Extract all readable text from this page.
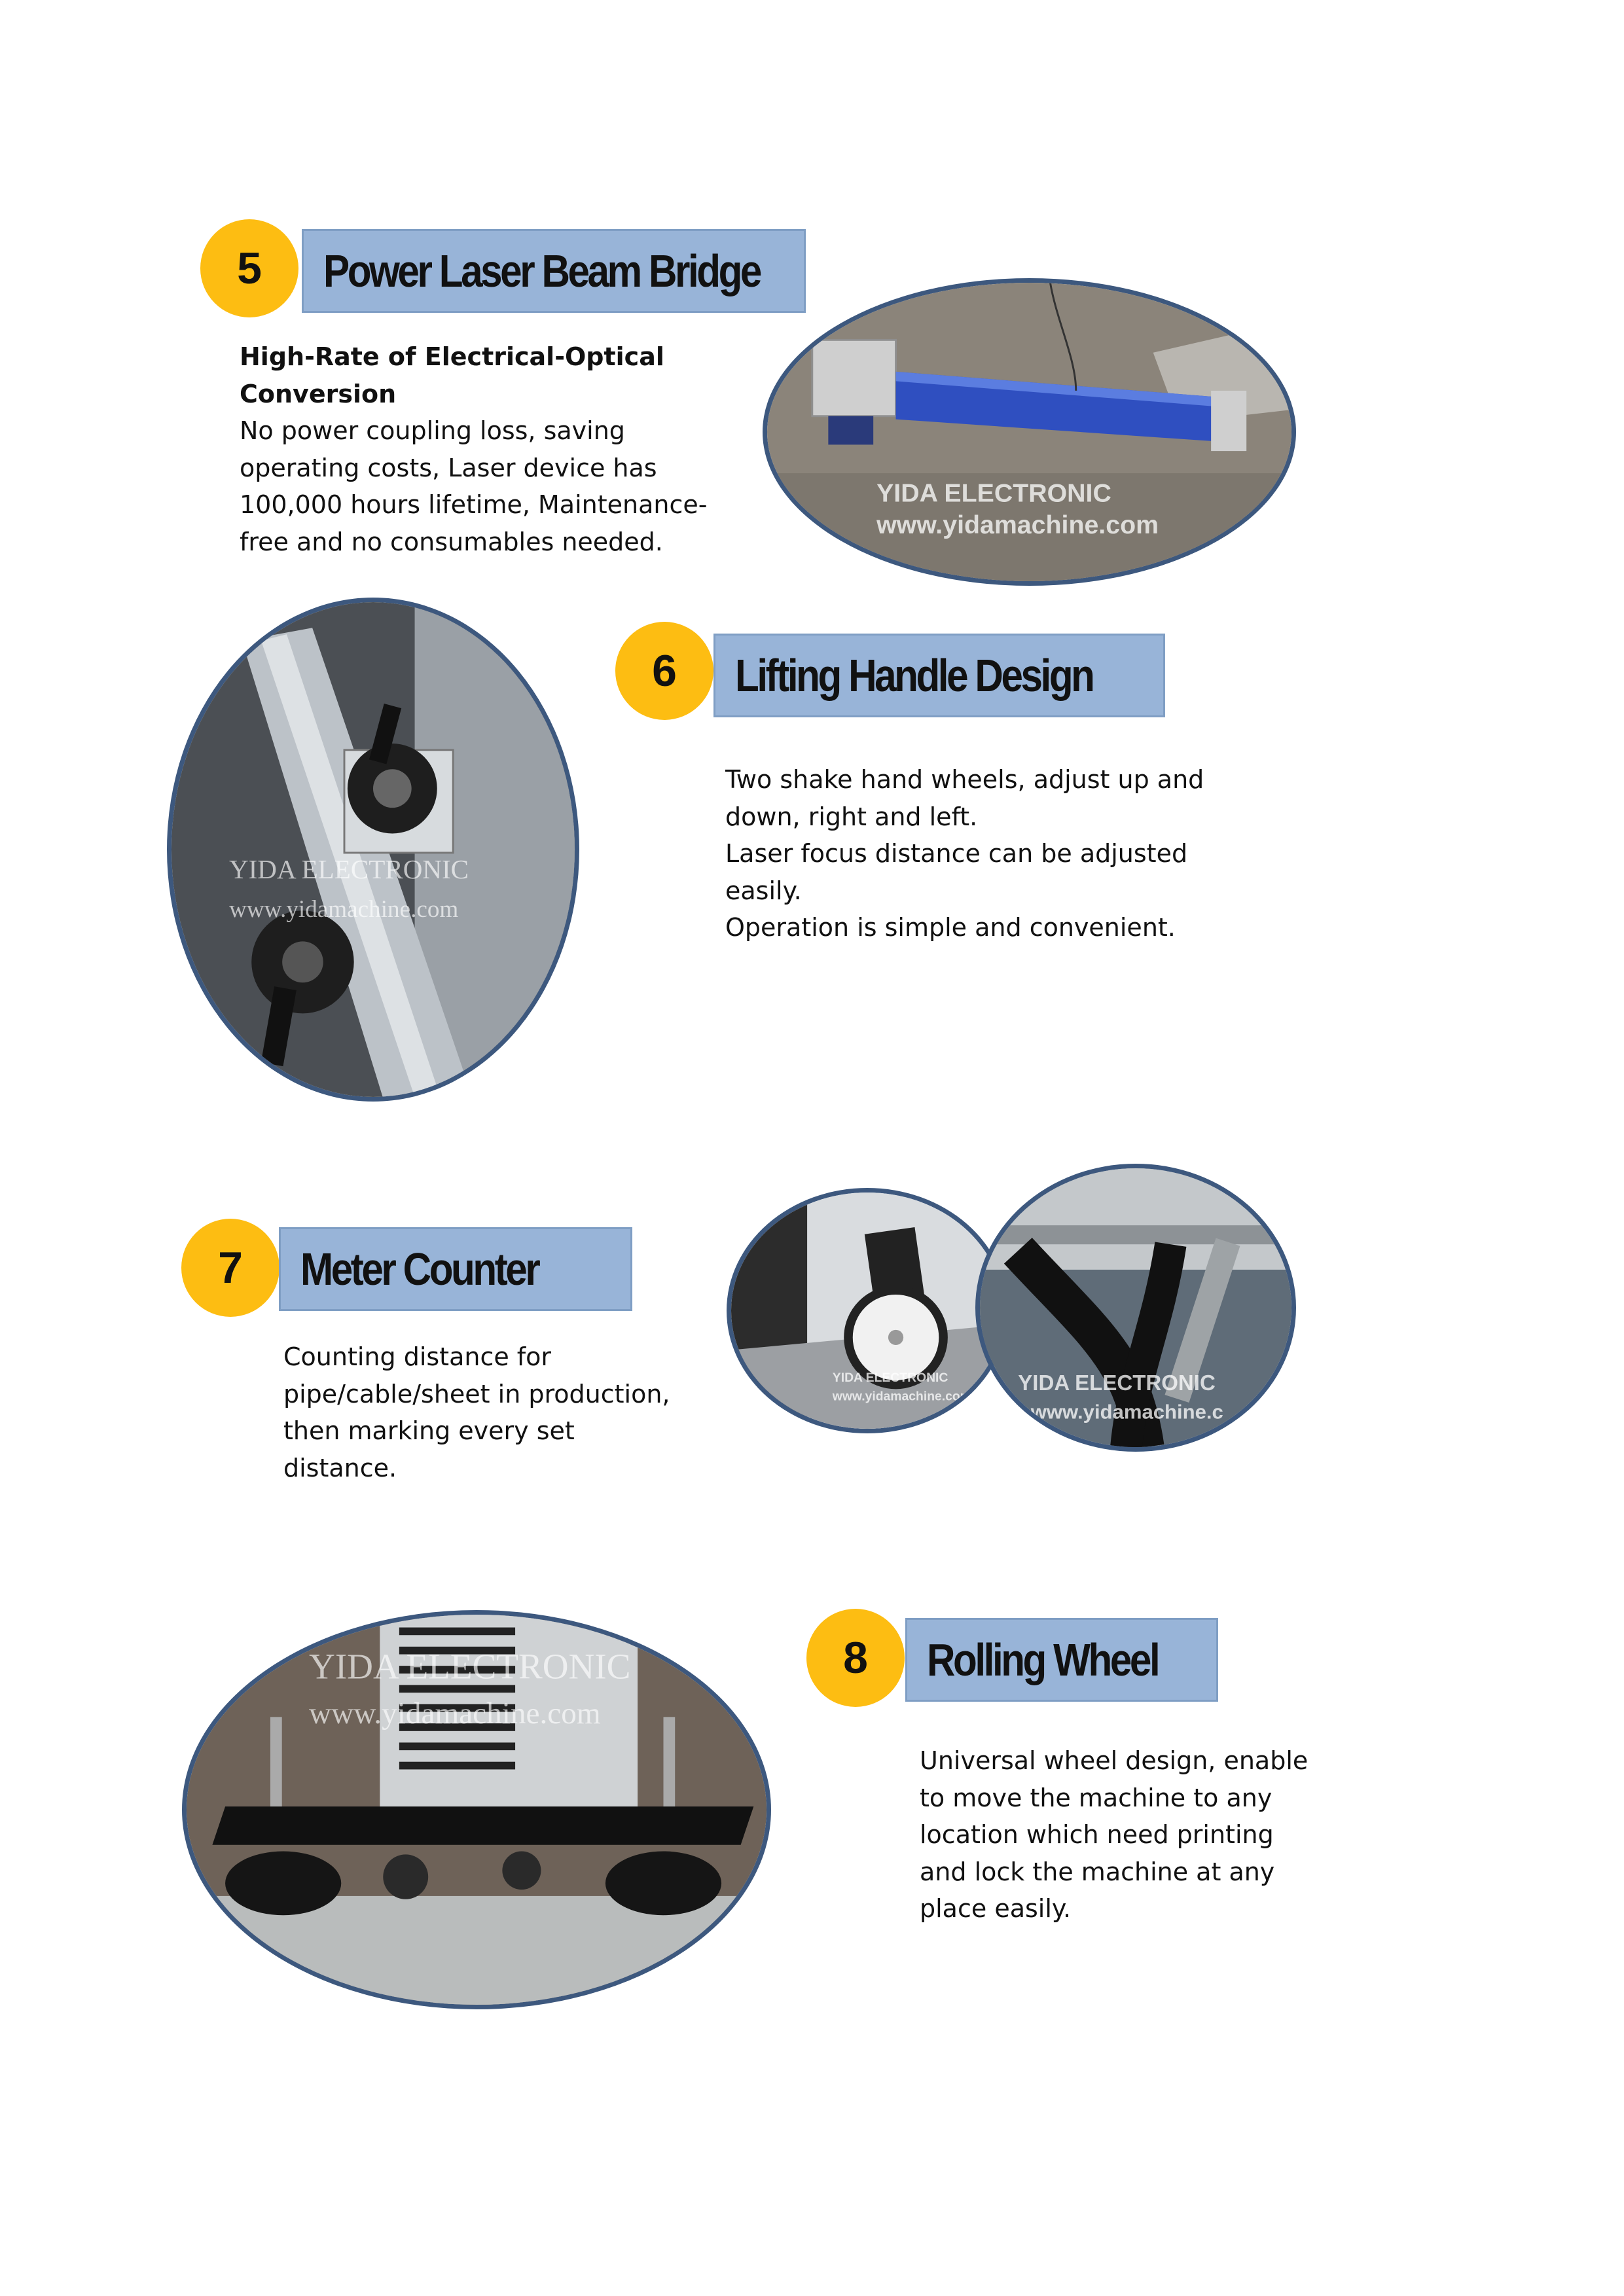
5	Power Laser Beam Bridge
High-Rate of Electrical-Optical Conversion
No power coupling loss, saving
operating costs, Laser device has
100,000 hours lifetime, Maintenance-
free and no consumables needed.
YIDA ELECTRONIC
www.yidamachine.com
YIDA ELECTRONIC
www.yidamachine.com
6	Lifting Handle Design
Two shake hand wheels, adjust up and
down, right and left.
Laser focus distance can be adjusted
easily.
Operation is simple and convenient.
7	Meter Counter
Counting distance for
pipe/cable/sheet in production,
then marking every set
distance.
YIDA ELECTRONIC
www.yidamachine.com
YIDA ELECTRONIC
www.yidamachine.c
YIDA ELECTRONIC
www.yidamachine.com
8	Rolling Wheel
Universal wheel design, enable
to move the machine to any
location which need printing
and lock the machine at any
place easily.
